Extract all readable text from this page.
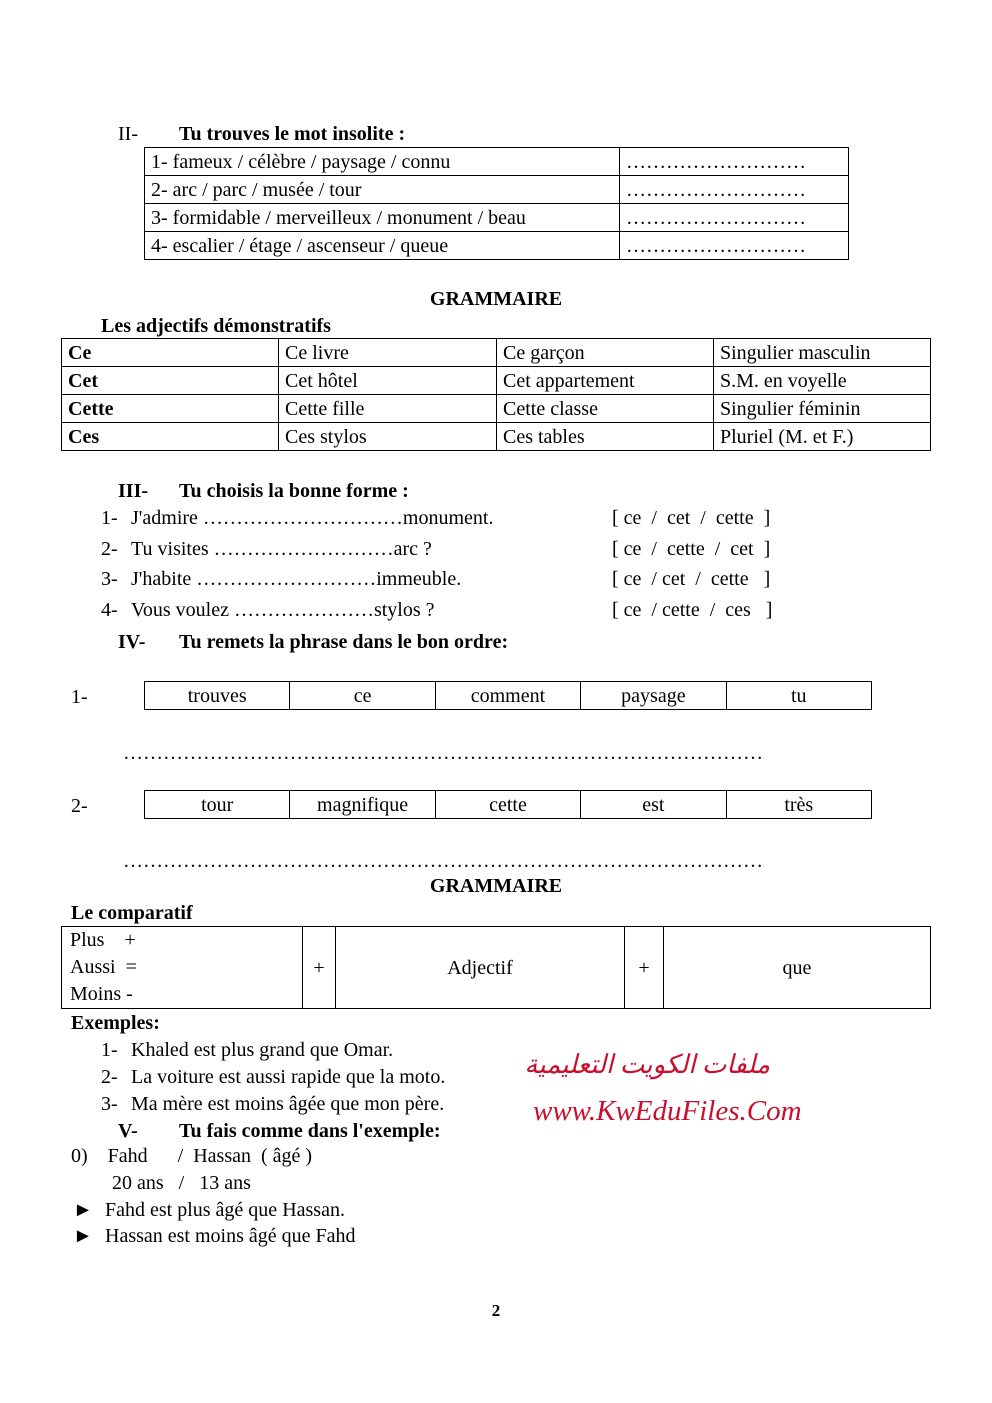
II- Tu trouves le mot insolite :
1- fameux / célèbre / paysage / connu	………………………
2- arc / parc / musée / tour	………………………
3- formidable / merveilleux / monument / beau	………………………
4- escalier / étage / ascenseur / queue	………………………
GRAMMAIRE
Les adjectifs démonstratifs
Ce	Ce livre	Ce garçon	Singulier masculin
Cet	Cet hôtel	Cet appartement	S.M. en voyelle
Cette	Cette fille	Cette classe	Singulier féminin
Ces	Ces stylos	Ces tables	Pluriel (M. et F.)
III- Tu choisis la bonne forme :
1- J'admire …………………………monument.	[ ce  /  cet  /  cette  ]
2- Tu visites ………………………arc ?	[ ce  /  cette  /  cet  ]
3- J'habite ………………………immeuble.	[ ce  / cet  /  cette   ]
4- Vous voulez …………………stylos ?	[ ce  / cette  /  ces   ]
IV- Tu remets la phrase dans le bon ordre:
1-	trouves	ce	comment	paysage	tu
……………………………………………………………………………………
2-	tour	magnifique	cette	est	très
……………………………………………………………………………………
GRAMMAIRE
Le comparatif
Plus    +
Aussi  =
Moins -
	+	Adjectif	+	que
Exemples:
1- Khaled est plus grand que Omar.
2- La voiture est aussi rapide que la moto.
3- Ma mère est moins âgée que mon père.
ملفات الكويت التعليمية
www.KwEduFiles.Com
V- Tu fais comme dans l'exemple:
0)    Fahd      /  Hassan  ( âgé )
20 ans   /   13 ans
► Fahd est plus âgé que Hassan.
► Hassan est moins âgé que Fahd
2
